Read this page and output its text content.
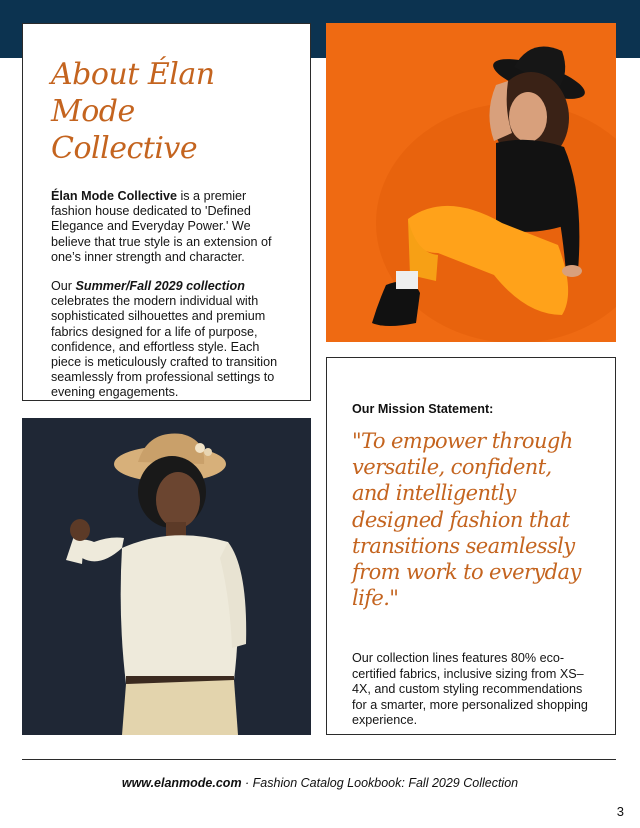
About Élan
Mode Collective

Élan Mode Collective is a premier fashion house dedicated to 'Defined Elegance and Everyday Power.' We believe that true style is an extension of one’s inner strength and character.

Our Summer/Fall 2029 collection celebrates the modern individual with sophisticated silhouettes and premium fabrics designed for a life of purpose, confidence, and effortless style. Each piece is meticulously crafted to transition seamlessly from professional settings to evening engagements.

Our Mission Statement:
"To empower through versatile, confident, and intelligently designed fashion that transitions seamlessly from work to everyday life."

Our collection lines features 80% eco-certified fabrics, inclusive sizing from XS–4X, and custom styling recommendations for a smarter, more personalized shopping experience.

www.elanmode.com · Fashion Catalog Lookbook: Fall 2029 Collection
3
